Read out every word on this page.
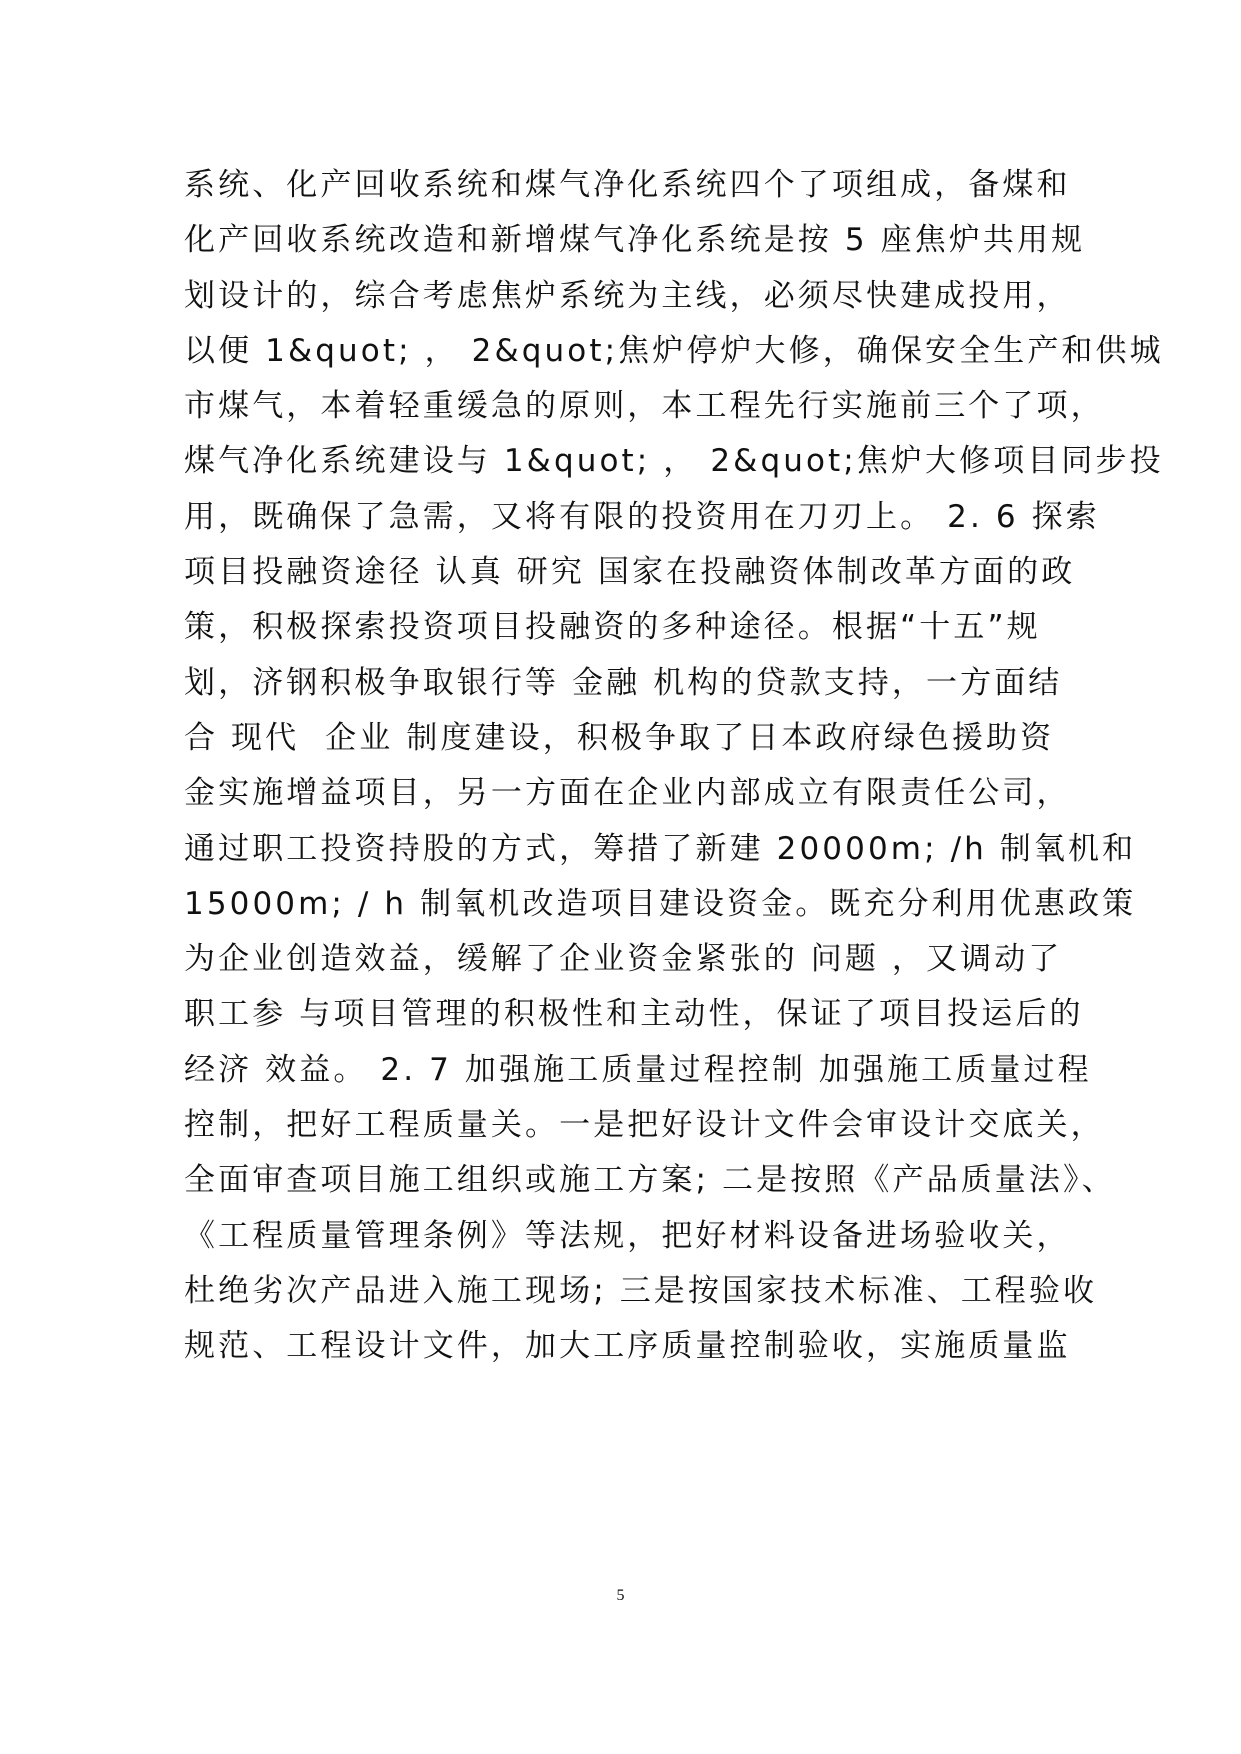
系统、化产回收系统和煤气净化系统四个了项组成，备煤和
化产回收系统改造和新增煤气净化系统是按 5 座焦炉共用规
划设计的，综合考虑焦炉系统为主线，必须尽快建成投用，
以便 1&quot; ， 2&quot;焦炉停炉大修，确保安全生产和供城
市煤气，本着轻重缓急的原则，本工程先行实施前三个了项，
煤气净化系统建设与 1&quot; ， 2&quot;焦炉大修项目同步投
用，既确保了急需，又将有限的投资用在刀刃上。 2. 6 探索
项目投融资途径 认真 研究 国家在投融资体制改革方面的政
策，积极探索投资项目投融资的多种途径。根据“十五”规
划，济钢积极争取银行等 金融 机构的贷款支持，一方面结
合 现代  企业 制度建设，积极争取了日本政府绿色援助资
金实施增益项目，另一方面在企业内部成立有限责任公司，
通过职工投资持股的方式，筹措了新建 20000m; /h 制氧机和
15000m; / h 制氧机改造项目建设资金。既充分利用优惠政策
为企业创造效益，缓解了企业资金紧张的 问题 ，又调动了
职工参 与项目管理的积极性和主动性，保证了项目投运后的
经济 效益。 2. 7 加强施工质量过程控制 加强施工质量过程
控制，把好工程质量关。一是把好设计文件会审设计交底关，
全面审查项目施工组织或施工方案; 二是按照《产品质量法》、
《工程质量管理条例》等法规，把好材料设备进场验收关，
杜绝劣次产品进入施工现场; 三是按国家技术标准、工程验收
规范、工程设计文件，加大工序质量控制验收，实施质量监
5
